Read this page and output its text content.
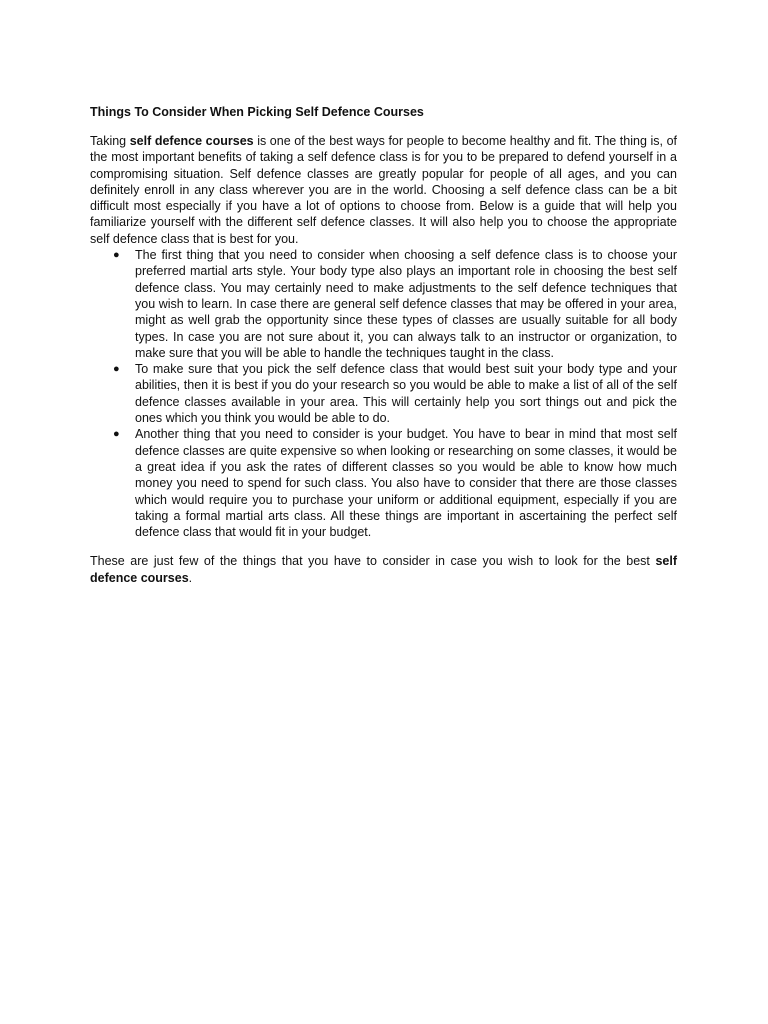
Things To Consider When Picking Self Defence Courses

Taking self defence courses is one of the best ways for people to become healthy and fit. The thing is, of the most important benefits of taking a self defence class is for you to be prepared to defend yourself in a compromising situation. Self defence classes are greatly popular for people of all ages, and you can definitely enroll in any class wherever you are in the world. Choosing a self defence class can be a bit difficult most especially if you have a lot of options to choose from. Below is a guide that will help you familiarize yourself with the different self defence classes. It will also help you to choose the appropriate self defence class that is best for you.

● The first thing that you need to consider when choosing a self defence class is to choose your preferred martial arts style. Your body type also plays an important role in choosing the best self defence class. You may certainly need to make adjustments to the self defence techniques that you wish to learn. In case there are general self defence classes that may be offered in your area, might as well grab the opportunity since these types of classes are usually suitable for all body types. In case you are not sure about it, you can always talk to an instructor or organization, to make sure that you will be able to handle the techniques taught in the class.
● To make sure that you pick the self defence class that would best suit your body type and your abilities, then it is best if you do your research so you would be able to make a list of all of the self defence classes available in your area. This will certainly help you sort things out and pick the ones which you think you would be able to do.
● Another thing that you need to consider is your budget. You have to bear in mind that most self defence classes are quite expensive so when looking or researching on some classes, it would be a great idea if you ask the rates of different classes so you would be able to know how much money you need to spend for such class. You also have to consider that there are those classes which would require you to purchase your uniform or additional equipment, especially if you are taking a formal martial arts class. All these things are important in ascertaining the perfect self defence class that would fit in your budget.

These are just few of the things that you have to consider in case you wish to look for the best self defence courses.
